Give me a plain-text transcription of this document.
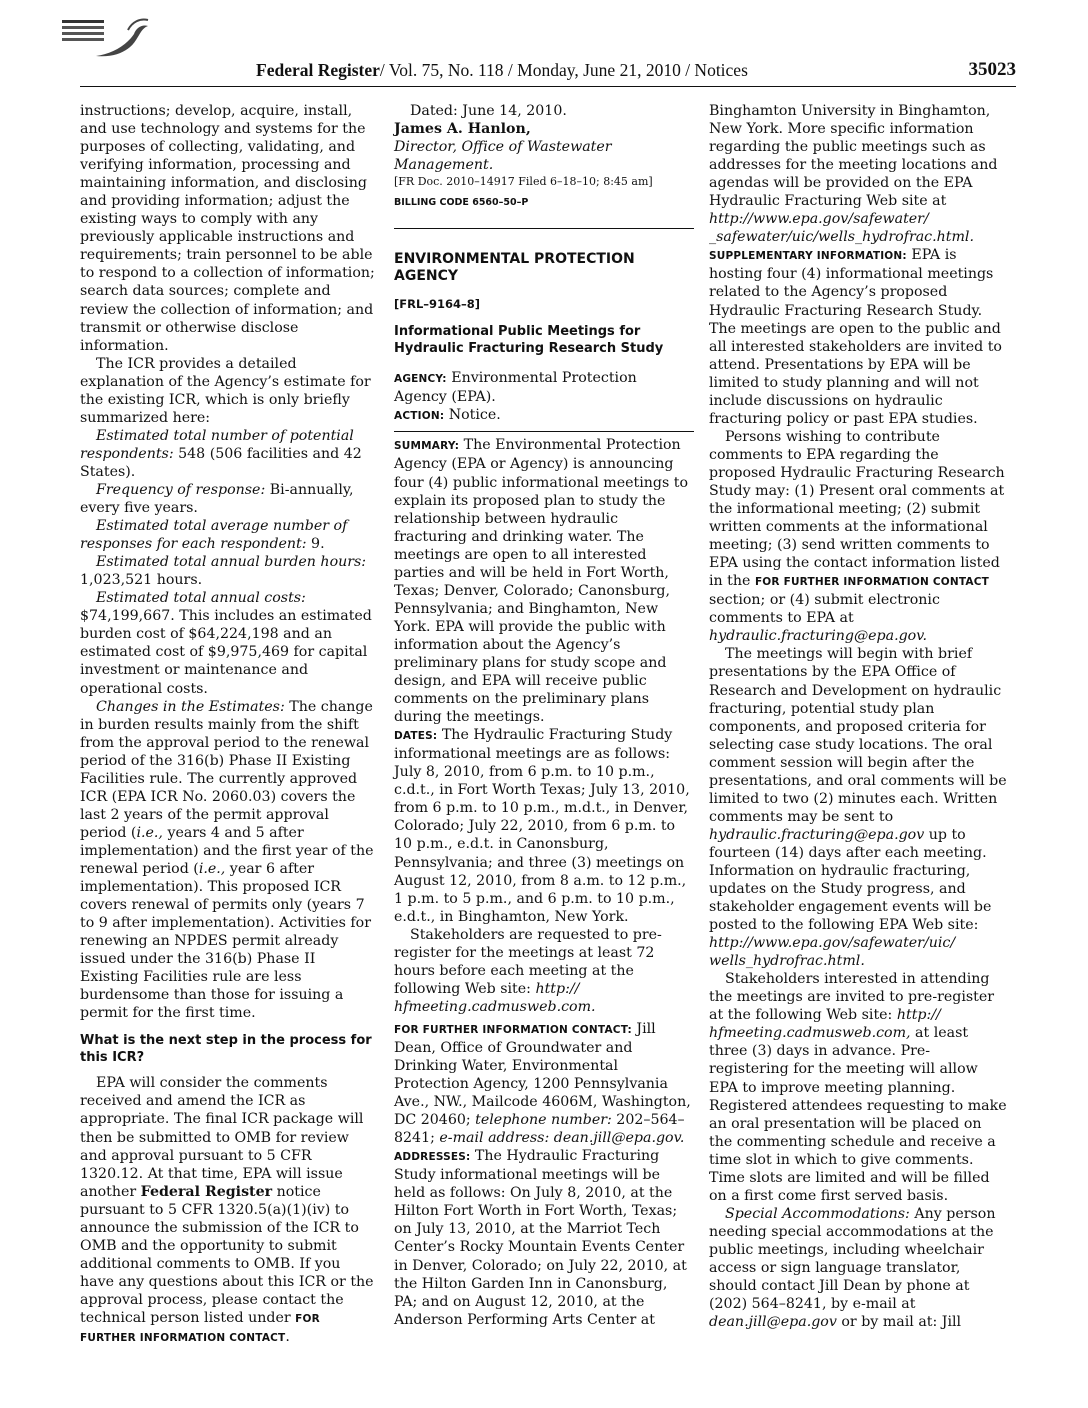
Federal Register/ Vol. 75, No. 118 / Monday, June 21, 2010 / Notices	35023

instructions; develop, acquire, install, and use technology and systems for the purposes of collecting, validating, and verifying information, processing and maintaining information, and disclosing and providing information; adjust the existing ways to comply with any previously applicable instructions and requirements; train personnel to be able to respond to a collection of information; search data sources; complete and review the collection of information; and transmit or otherwise disclose information.

The ICR provides a detailed explanation of the Agency’s estimate for the existing ICR, which is only briefly summarized here:

Estimated total number of potential respondents: 548 (506 facilities and 42 States).

Frequency of response: Bi-annually, every five years.

Estimated total average number of responses for each respondent: 9.

Estimated total annual burden hours: 1,023,521 hours.

Estimated total annual costs: $74,199,667. This includes an estimated burden cost of $64,224,198 and an estimated cost of $9,975,469 for capital investment or maintenance and operational costs.

Changes in the Estimates: The change in burden results mainly from the shift from the approval period to the renewal period of the 316(b) Phase II Existing Facilities rule. The currently approved ICR (EPA ICR No. 2060.03) covers the last 2 years of the permit approval period (i.e., years 4 and 5 after implementation) and the first year of the renewal period (i.e., year 6 after implementation). This proposed ICR covers renewal of permits only (years 7 to 9 after implementation). Activities for renewing an NPDES permit already issued under the 316(b) Phase II Existing Facilities rule are less burdensome than those for issuing a permit for the first time.

What is the next step in the process for this ICR?

EPA will consider the comments received and amend the ICR as appropriate. The final ICR package will then be submitted to OMB for review and approval pursuant to 5 CFR 1320.12. At that time, EPA will issue another Federal Register notice pursuant to 5 CFR 1320.5(a)(1)(iv) to announce the submission of the ICR to OMB and the opportunity to submit additional comments to OMB. If you have any questions about this ICR or the approval process, please contact the technical person listed under FOR FURTHER INFORMATION CONTACT.

Dated: June 14, 2010.

James A. Hanlon,

Director, Office of Wastewater Management.

[FR Doc. 2010–14917 Filed 6–18–10; 8:45 am]

BILLING CODE 6560–50–P
ENVIRONMENTAL PROTECTION AGENCY
[FRL–9164–8]
Informational Public Meetings for Hydraulic Fracturing Research Study

AGENCY: Environmental Protection Agency (EPA).

ACTION: Notice.

SUMMARY: The Environmental Protection Agency (EPA or Agency) is announcing four (4) public informational meetings to explain its proposed plan to study the relationship between hydraulic fracturing and drinking water. The meetings are open to all interested parties and will be held in Fort Worth, Texas; Denver, Colorado; Canonsburg, Pennsylvania; and Binghamton, New York. EPA will provide the public with information about the Agency’s preliminary plans for study scope and design, and EPA will receive public comments on the preliminary plans during the meetings.

DATES: The Hydraulic Fracturing Study informational meetings are as follows: July 8, 2010, from 6 p.m. to 10 p.m., c.d.t., in Fort Worth Texas; July 13, 2010, from 6 p.m. to 10 p.m., m.d.t., in Denver, Colorado; July 22, 2010, from 6 p.m. to 10 p.m., e.d.t. in Canonsburg, Pennsylvania; and three (3) meetings on August 12, 2010, from 8 a.m. to 12 p.m., 1 p.m. to 5 p.m., and 6 p.m. to 10 p.m., e.d.t., in Binghamton, New York.

Stakeholders are requested to pre-register for the meetings at least 72 hours before each meeting at the following Web site: http:// hfmeeting.cadmusweb.com.

FOR FURTHER INFORMATION CONTACT: Jill Dean, Office of Groundwater and Drinking Water, Environmental Protection Agency, 1200 Pennsylvania Ave., NW., Mailcode 4606M, Washington, DC 20460; telephone number: 202–564–8241; e-mail address: dean.jill@epa.gov.

ADDRESSES: The Hydraulic Fracturing Study informational meetings will be held as follows: On July 8, 2010, at the Hilton Fort Worth in Fort Worth, Texas; on July 13, 2010, at the Marriot Tech Center’s Rocky Mountain Events Center in Denver, Colorado; on July 22, 2010, at the Hilton Garden Inn in Canonsburg, PA; and on August 12, 2010, at the Anderson Performing Arts Center at

Binghamton University in Binghamton, New York. More specific information regarding the public meetings such as addresses for the meeting locations and agendas will be provided on the EPA Hydraulic Fracturing Web site at http://www.epa.gov/safewater/ _safewater/uic/wells_hydrofrac.html.

SUPPLEMENTARY INFORMATION: EPA is hosting four (4) informational meetings related to the Agency’s proposed Hydraulic Fracturing Research Study. The meetings are open to the public and all interested stakeholders are invited to attend. Presentations by EPA will be limited to study planning and will not include discussions on hydraulic fracturing policy or past EPA studies.

Persons wishing to contribute comments to EPA regarding the proposed Hydraulic Fracturing Research Study may: (1) Present oral comments at the informational meeting; (2) submit written comments at the informational meeting; (3) send written comments to EPA using the contact information listed in the FOR FURTHER INFORMATION CONTACT section; or (4) submit electronic comments to EPA at hydraulic.fracturing@epa.gov.

The meetings will begin with brief presentations by the EPA Office of Research and Development on hydraulic fracturing, potential study plan components, and proposed criteria for selecting case study locations. The oral comment session will begin after the presentations, and oral comments will be limited to two (2) minutes each. Written comments may be sent to hydraulic.fracturing@epa.gov up to fourteen (14) days after each meeting. Information on hydraulic fracturing, updates on the Study progress, and stakeholder engagement events will be posted to the following EPA Web site: http://www.epa.gov/safewater/uic/ wells_hydrofrac.html.

Stakeholders interested in attending the meetings are invited to pre-register at the following Web site: http:// hfmeeting.cadmusweb.com, at least three (3) days in advance. Pre-registering for the meeting will allow EPA to improve meeting planning. Registered attendees requesting to make an oral presentation will be placed on the commenting schedule and receive a time slot in which to give comments. Time slots are limited and will be filled on a first come first served basis.

Special Accommodations: Any person needing special accommodations at the public meetings, including wheelchair access or sign language translator, should contact Jill Dean by phone at (202) 564–8241, by e-mail at dean.jill@epa.gov or by mail at: Jill
